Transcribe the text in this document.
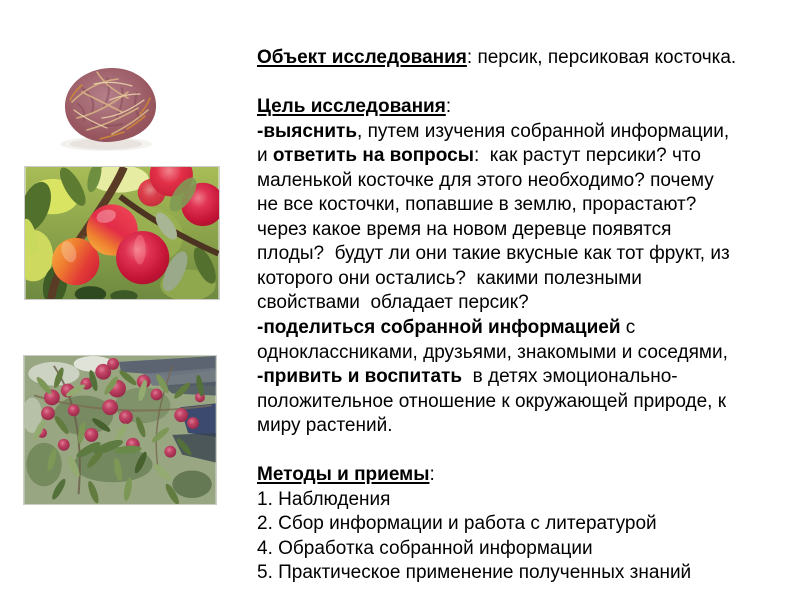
Объект исследования: персик, персиковая косточка.
Цель исследования:
-выяснить, путем изучения собранной информации,
и ответить на вопросы:  как растут персики? что
маленькой косточке для этого необходимо? почему
не все косточки, попавшие в землю, прорастают?
через какое время на новом деревце появятся
плоды?  будут ли они такие вкусные как тот фрукт, из
которого они остались?  какими полезными
свойствами  обладает персик?
-поделиться собранной информацией с
одноклассниками, друзьями, знакомыми и соседями,
-привить и воспитать  в детях эмоционально-
положительное отношение к окружающей природе, к
миру растений.
Методы и приемы:
1. Наблюдения
2. Сбор информации и работа с литературой
4. Обработка собранной информации
5. Практическое применение полученных знаний
